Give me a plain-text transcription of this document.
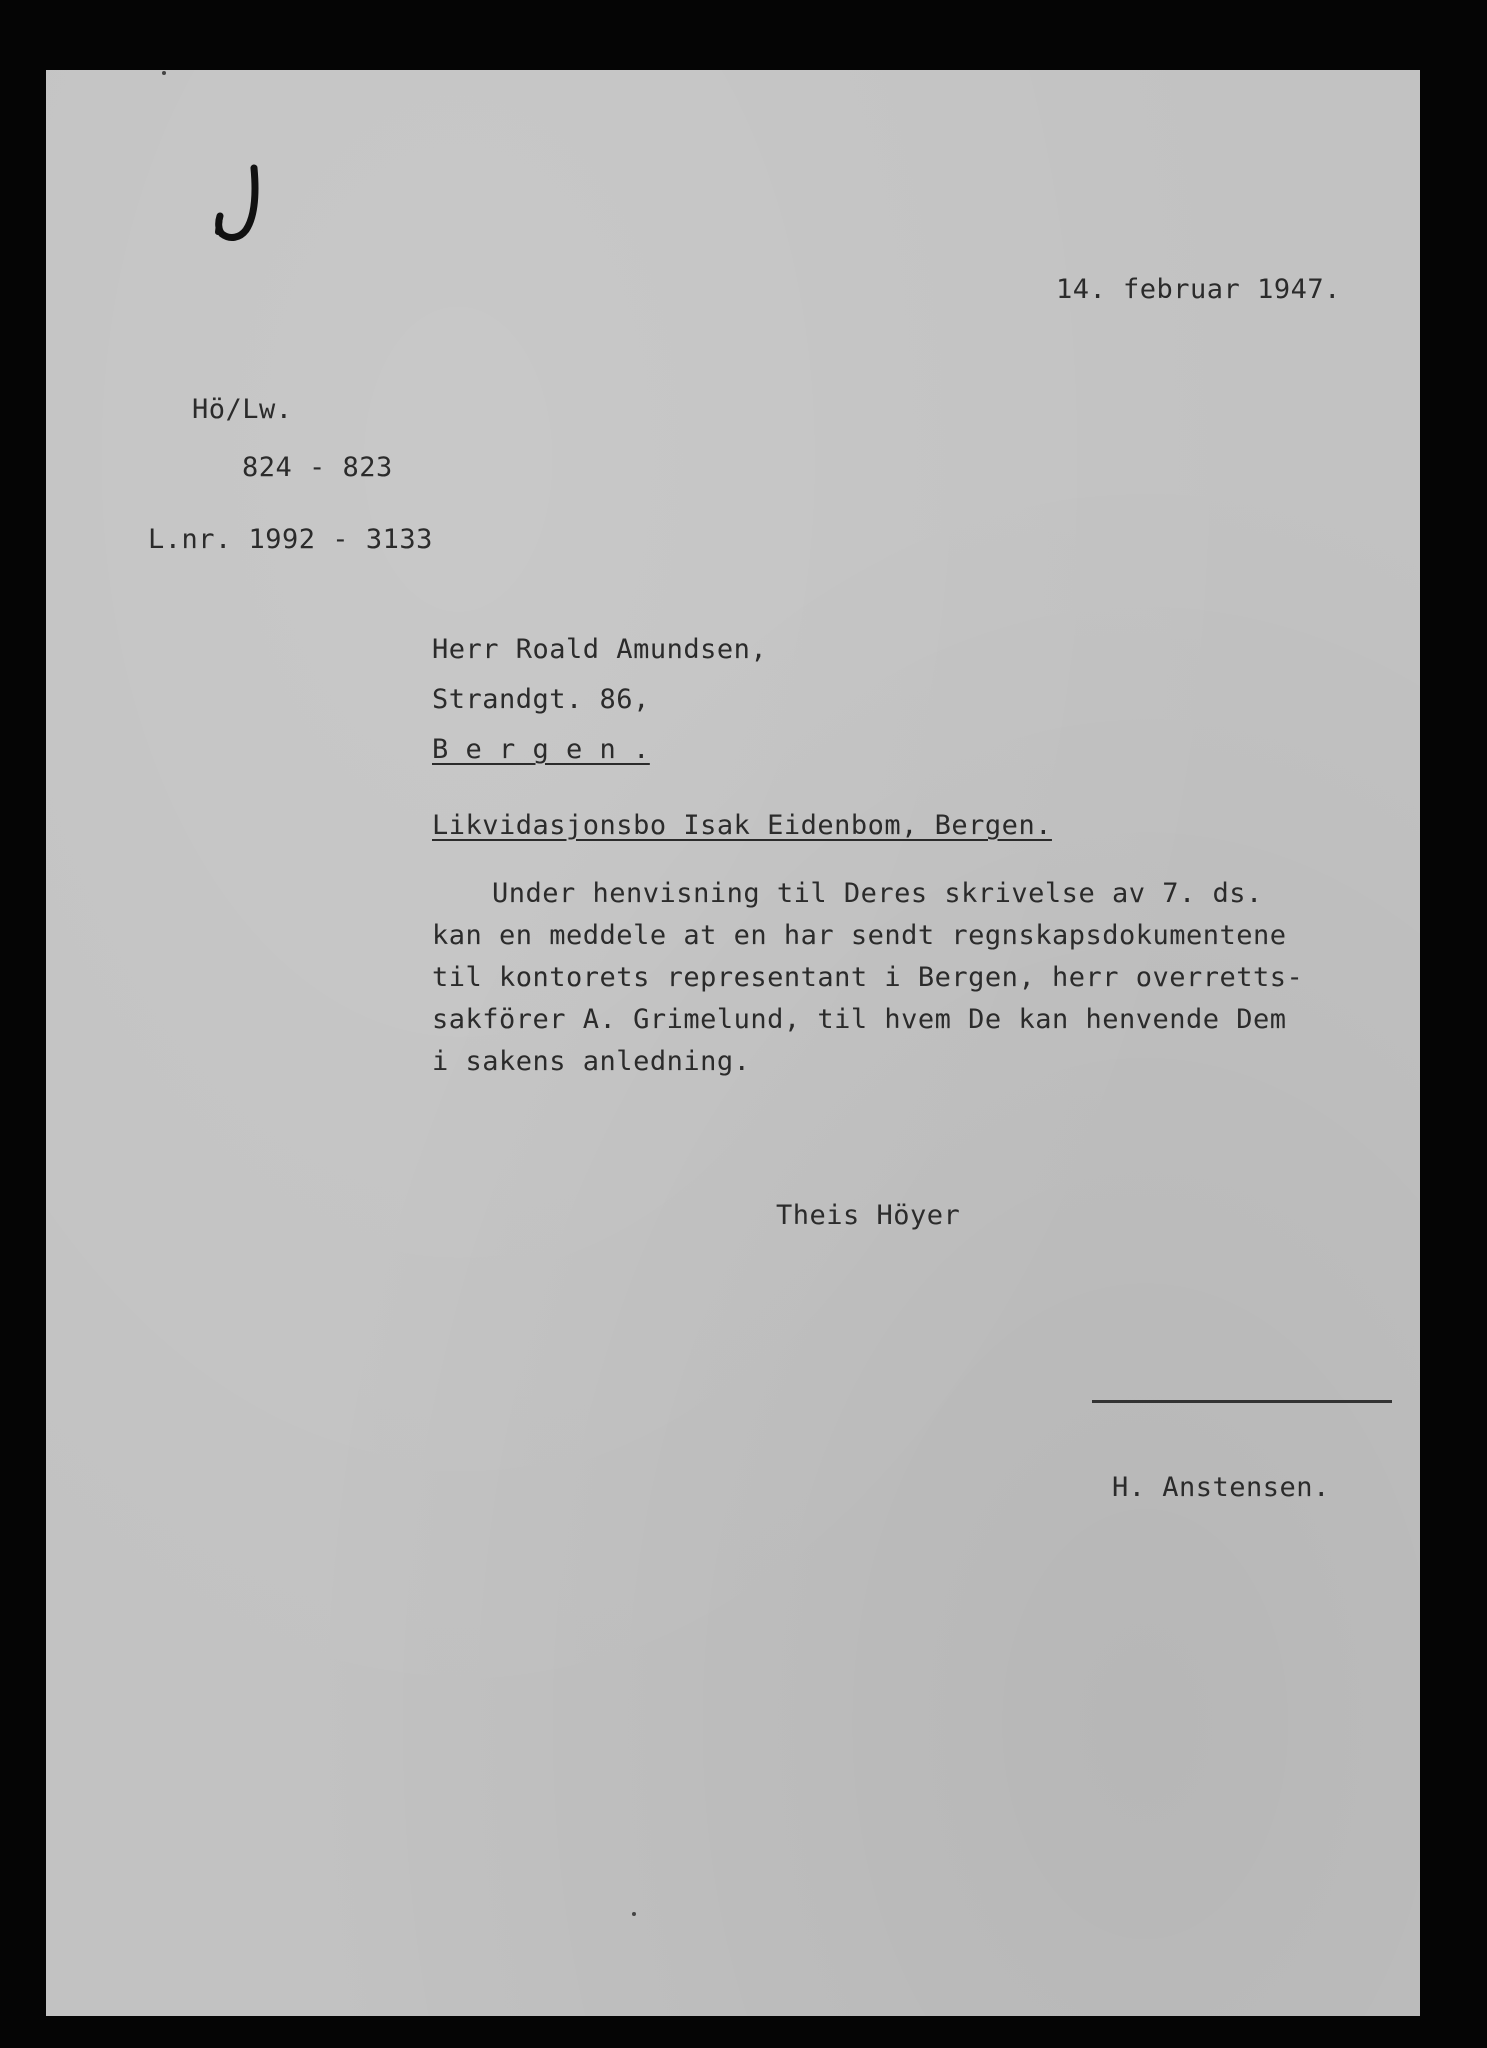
14. februar 1947.
Hö/Lw.
824 - 823
L.nr. 1992 - 3133
Herr Roald Amundsen,
Strandgt. 86,
B e r g e n .
Likvidasjonsbo Isak Eidenbom, Bergen.
Under henvisning til Deres skrivelse av 7. ds.
kan en meddele at en har sendt regnskapsdokumentene
til kontorets representant i Bergen, herr overretts-
sakförer A. Grimelund, til hvem De kan henvende Dem
i sakens anledning.
Theis Höyer
H. Anstensen.
